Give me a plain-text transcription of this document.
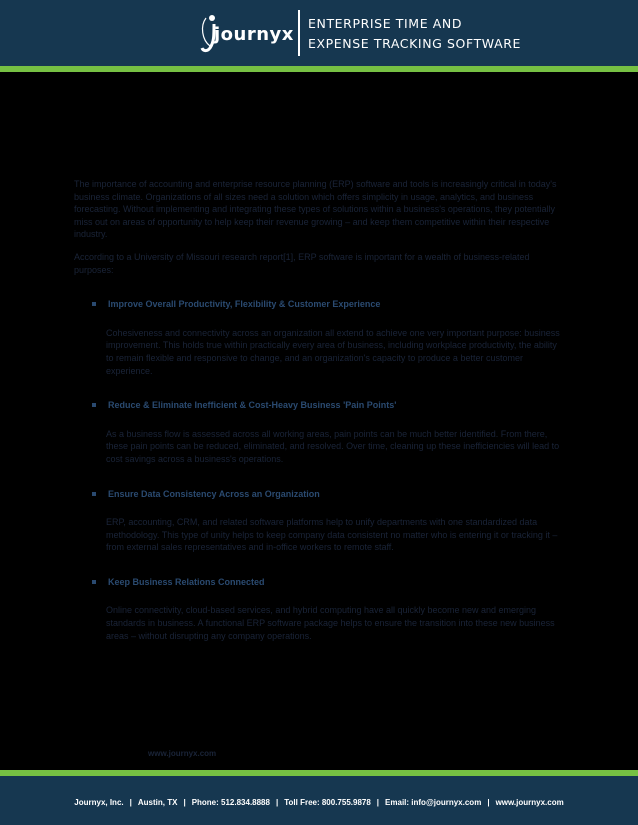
journyx
ENTERPRISE TIME AND
EXPENSE TRACKING SOFTWARE

The importance of accounting and enterprise resource planning (ERP) software and tools is increasingly critical in today's business climate. Organizations of all sizes need a solution which offers simplicity in usage, analytics, and business forecasting. Without implementing and integrating these types of solutions within a business's operations, they potentially miss out on areas of opportunity to help keep their revenue growing – and keep them competitive within their respective industry.

According to a University of Missouri research report[1], ERP software is important for a wealth of business-related purposes:

Improve Overall Productivity, Flexibility & Customer Experience

Cohesiveness and connectivity across an organization all extend to achieve one very important purpose: business improvement. This holds true within practically every area of business, including workplace productivity, the ability to remain flexible and responsive to change, and an organization's capacity to produce a better customer experience.

Reduce & Eliminate Inefficient & Cost-Heavy Business 'Pain Points'

As a business flow is assessed across all working areas, pain points can be much better identified. From there, these pain points can be reduced, eliminated, and resolved. Over time, cleaning up these inefficiencies will lead to cost savings across a business's operations.

Ensure Data Consistency Across an Organization

ERP, accounting, CRM, and related software platforms help to unify departments with one standardized data methodology. This type of unity helps to keep company data consistent no matter who is entering it or tracking it – from external sales representatives and in-office workers to remote staff.

Keep Business Relations Connected

Online connectivity, cloud-based services, and hybrid computing have all quickly become new and emerging standards in business. A functional ERP software package helps to ensure the transition into these new business areas – without disrupting any company operations.

www.journyx.com
Journyx, Inc. | Austin, TX | Phone: 512.834.8888 | Toll Free: 800.755.9878 | Email: info@journyx.com | www.journyx.com
